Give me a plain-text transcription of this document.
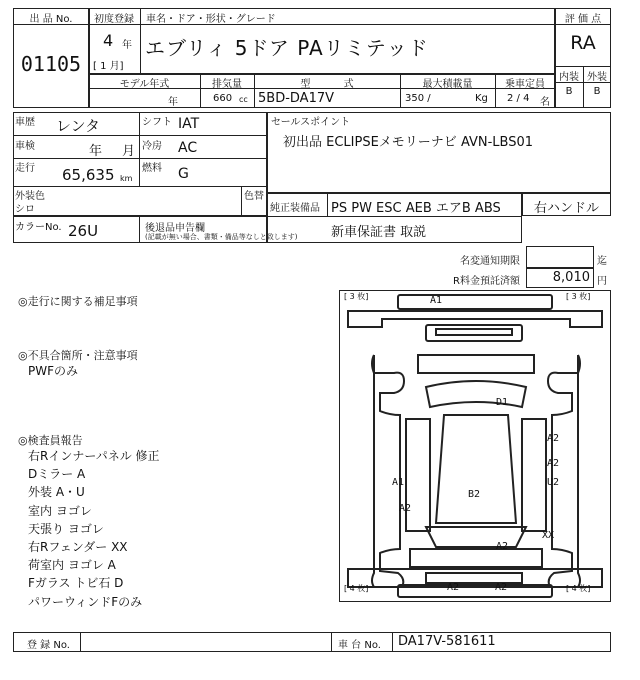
出 品 No.
01105
初度登録 車名・ドア・形状・グレード
4 年
[ 1 月]
エブリィ 5ドア PAリミテッド
評 価 点
RA
内装 外装
B	B
モデル年式	排気量	型 式	最大積載量	乗車定員
年	660 cc 5BD-DA17V	350 /	Kg 2 / 4 名
車歴 レンタ	シフト IAT
車検	年 月 冷房 AC
走行 65,635 km
燃料 G
外装色
シロ
色替
カラーNo. 26U	後退品申告欄
(記載が無い場合、書類・備品等なしと致します)
セールスポイント
初出品 ECLIPSEメモリーナビ AVN-LBS01
純正装備品 PS PW ESC AEB エアB ABS
新車保証書 取説
右ハンドル
名変通知期限	迄
R料金預託済額	8,010 円
◎走行に関する補足事項
◎不具合箇所・注意事項
PWFのみ
◎検査員報告
右Rインナーパネル 修正
Dミラー A
外装 A・U
室内 ヨゴレ
天張り ヨゴレ
右Rフェンダー XX
荷室内 ヨゴレ A
Fガラス トビ石 D
パワーウィンドFのみ
[ 3 枚]	[ 3 枚]
[ 4 枚]	[ 4 枚]
A1
D1
A2
A2
U2
A1
B2
A2
XX
A2
A2	A2
登 録 No.	車 台 No. DA17V-581611
